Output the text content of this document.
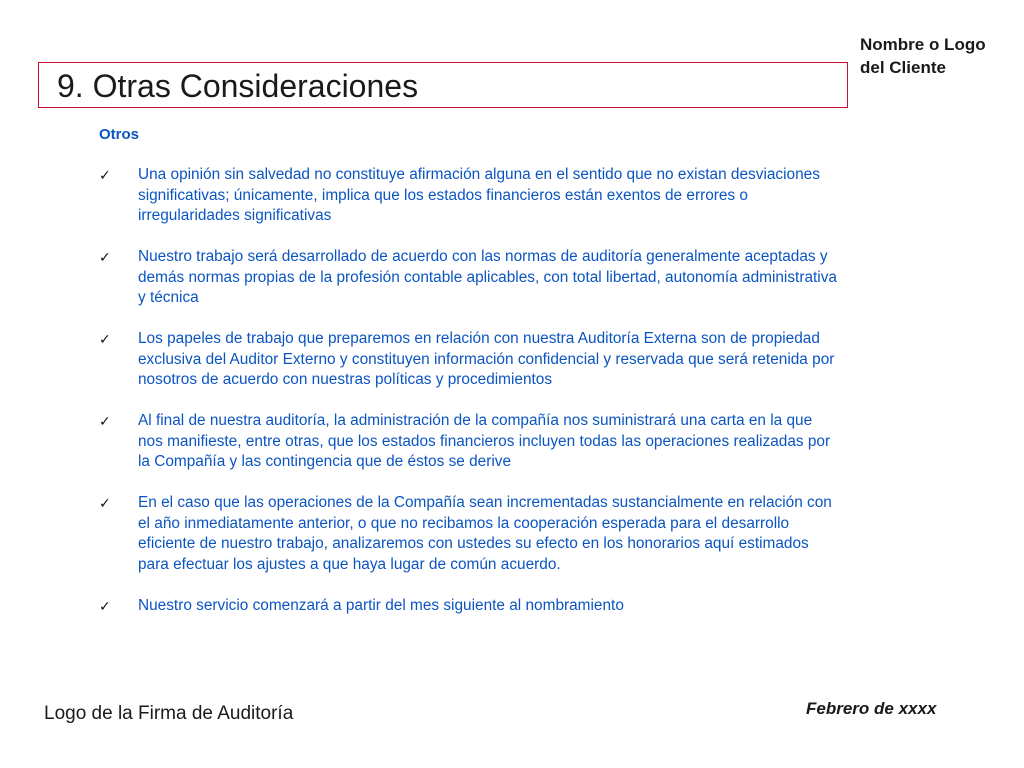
Nombre o Logo
del Cliente
9. Otras Consideraciones
Otros
✓ Una opinión sin salvedad no constituye afirmación alguna en el sentido que no existan desviaciones significativas; únicamente, implica que los estados financieros están exentos de errores o irregularidades significativas
✓ Nuestro trabajo será desarrollado de acuerdo con las normas de auditoría generalmente aceptadas y demás normas propias de la profesión contable aplicables, con total libertad, autonomía administrativa y técnica
✓ Los papeles de trabajo que preparemos en relación con nuestra Auditoría Externa son de propiedad exclusiva del Auditor Externo y constituyen información confidencial y reservada que será retenida por nosotros de acuerdo con nuestras políticas y procedimientos
✓ Al final de nuestra auditoría, la administración de la compañía nos suministrará una carta en la que nos manifieste, entre otras, que los estados financieros incluyen todas las operaciones realizadas por la Compañía y las contingencia que de éstos se derive
✓ En el caso que las operaciones de la Compañía sean incrementadas sustancialmente en relación con el año inmediatamente anterior, o que no recibamos la cooperación esperada para el desarrollo eficiente de nuestro trabajo, analizaremos con ustedes su efecto en los honorarios aquí estimados para efectuar los ajustes a que haya lugar de común acuerdo.
✓ Nuestro servicio comenzará a partir del mes siguiente al nombramiento
Logo de la Firma de Auditoría	Febrero de xxxx
